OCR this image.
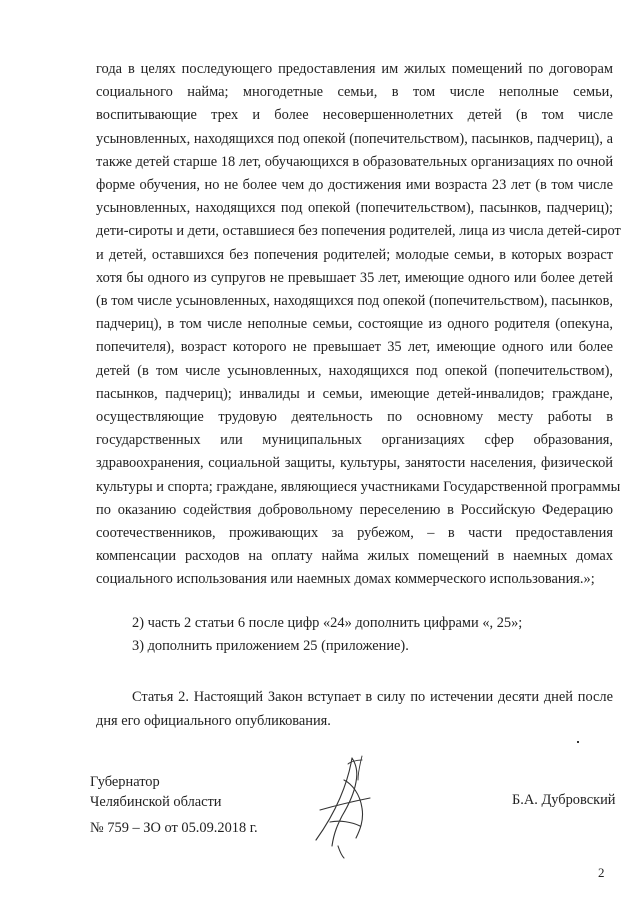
года в целях последующего предоставления им жилых помещений по договорам
социального найма; многодетные семьи, в том числе неполные семьи,
воспитывающие трех и более несовершеннолетних детей (в том числе
усыновленных, находящихся под опекой (попечительством), пасынков, падчериц), а
также детей старше 18 лет, обучающихся в образовательных организациях по очной
форме обучения, но не более чем до достижения ими возраста 23 лет (в том числе
усыновленных, находящихся под опекой (попечительством), пасынков, падчериц);
дети-сироты и дети, оставшиеся без попечения родителей, лица из числа детей-сирот
и детей, оставшихся без попечения родителей; молодые семьи, в которых возраст
хотя бы одного из супругов не превышает 35 лет, имеющие одного или более детей
(в том числе усыновленных, находящихся под опекой (попечительством), пасынков,
падчериц), в том числе неполные семьи, состоящие из одного родителя (опекуна,
попечителя), возраст которого не превышает 35 лет, имеющие одного или более
детей (в том числе усыновленных, находящихся под опекой (попечительством),
пасынков, падчериц); инвалиды и семьи, имеющие детей-инвалидов; граждане,
осуществляющие трудовую деятельность по основному месту работы в
государственных или муниципальных организациях сфер образования,
здравоохранения, социальной защиты, культуры, занятости населения, физической
культуры и спорта; граждане, являющиеся участниками Государственной программы
по оказанию содействия добровольному переселению в Российскую Федерацию
соотечественников, проживающих за рубежом, – в части предоставления
компенсации расходов на оплату найма жилых помещений в наемных домах
социального использования или наемных домах коммерческого использования.»;
2) часть 2 статьи 6 после цифр «24» дополнить цифрами «, 25»;
3) дополнить приложением 25 (приложение).
Статья 2. Настоящий Закон вступает в силу по истечении десяти дней после
дня его официального опубликования.
Губернатор
Челябинской области	Б.А. Дубровский
№ 759 – ЗО от 05.09.2018 г.
2
